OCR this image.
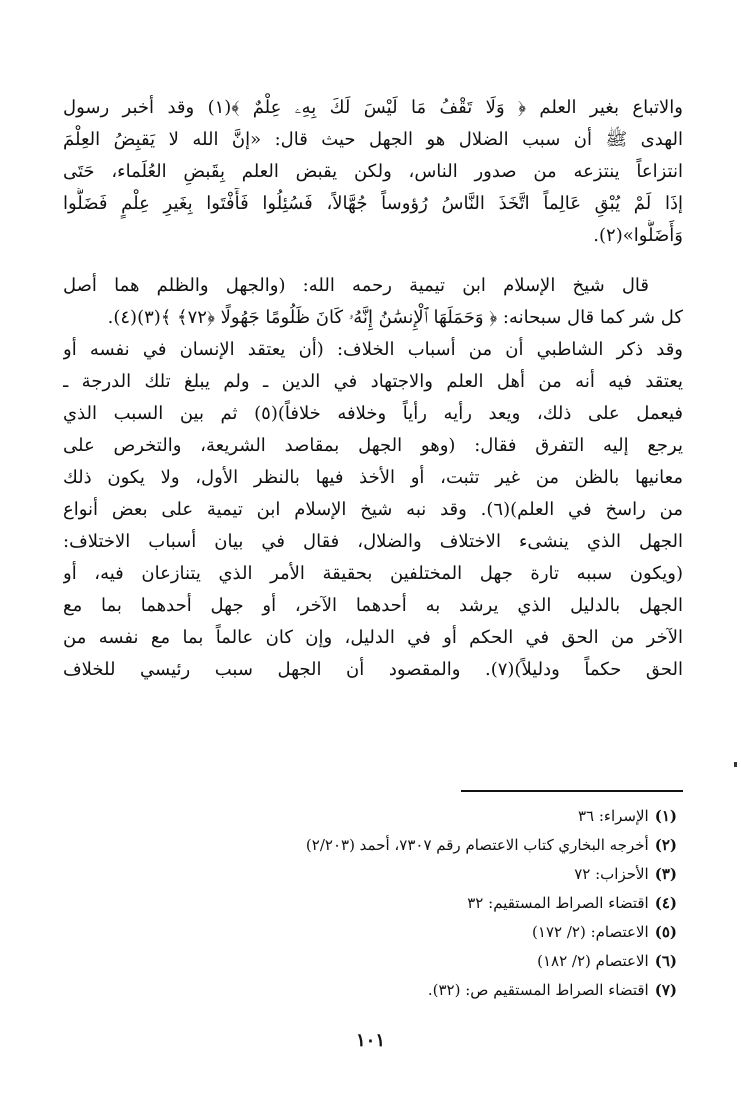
والاتباع بغير العلم ﴿ وَلَا تَقْفُ مَا لَيْسَ لَكَ بِهِۦ عِلْمٌ ﴾(١) وقد أخبر رسول
الهدى ﷺ أن سبب الضلال هو الجهل حيث قال: «إنَّ الله لا يَقبِضُ العِلْمَ
انتزاعاً ينتزعه من صدور الناس، ولكن يقبض العلم بِقَبضِ العُلَماء، حَتَى
إذَا لَمْ يُبْقِ عَالِماً اتَّخَذَ النَّاسُ رُؤوساً جُهَّالاً، فَسُئِلُوا فَأَفْتَوا بِغَيرِ عِلْمٍ فَضَلُّوا
وَأَضَلُّوا»(٢).
قال شيخ الإسلام ابن تيمية رحمه الله: (والجهل والظلم هما أصل
كل شر كما قال سبحانه: ﴿ وَحَمَلَهَا ٱلْإِنسَٰنُ إِنَّهُۥ كَانَ ظَلُومًا جَهُولًا ﴿٧٢﴾ ﴾(٣)(٤).
وقد ذكر الشاطبي أن من أسباب الخلاف: (أن يعتقد الإنسان في نفسه أو
يعتقد فيه أنه من أهل العلم والاجتهاد في الدين ـ ولم يبلغ تلك الدرجة ـ
فيعمل على ذلك، ويعد رأيه رأياً وخلافه خلافاً)(٥) ثم بين السبب الذي
يرجع إليه التفرق فقال: (وهو الجهل بمقاصد الشريعة، والتخرص على
معانيها بالظن من غير تثبت، أو الأخذ فيها بالنظر الأول، ولا يكون ذلك
من راسخ في العلم)(٦). وقد نبه شيخ الإسلام ابن تيمية على بعض أنواع
الجهل الذي ينشىء الاختلاف والضلال، فقال في بيان أسباب الاختلاف:
(ويكون سببه تارة جهل المختلفين بحقيقة الأمر الذي يتنازعان فيه، أو
الجهل بالدليل الذي يرشد به أحدهما الآخر، أو جهل أحدهما بما مع
الآخر من الحق في الحكم أو في الدليل، وإن كان عالماً بما مع نفسه من
الحق حكماً ودليلاً)(٧). والمقصود أن الجهل سبب رئيسي للخلاف
(١)الإسراء: ٣٦
(٢)أخرجه البخاري كتاب الاعتصام رقم ٧٣٠٧، أحمد (٢/٢٠٣)
(٣)الأحزاب: ٧٢
(٤)اقتضاء الصراط المستقيم: ٣٢
(٥)الاعتصام: (٢/ ١٧٢)
(٦)الاعتصام (٢/ ١٨٢)
(٧)اقتضاء الصراط المستقيم ص: (٣٢).
١٠١
